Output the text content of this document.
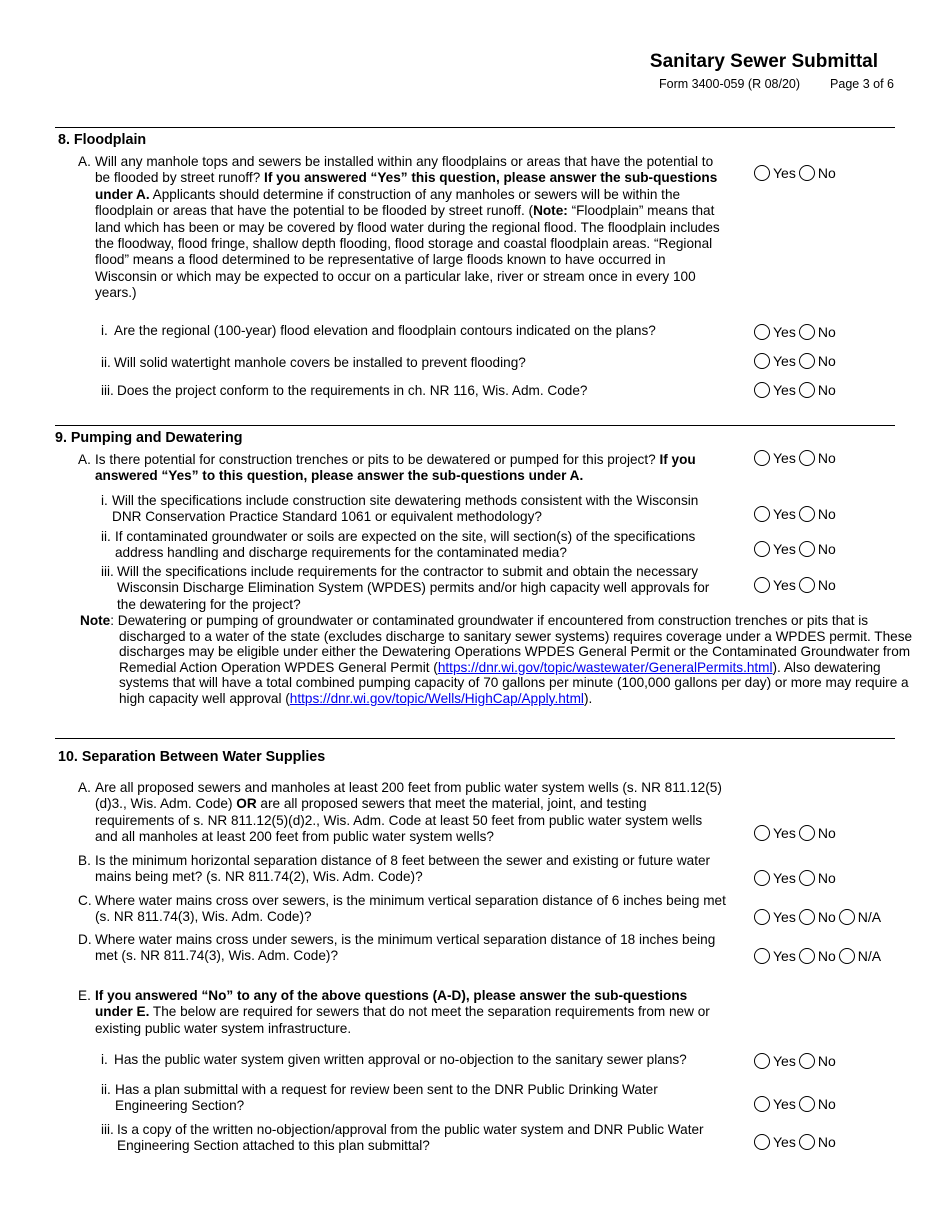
Sanitary Sewer Submittal
Form 3400-059 (R 08/20) Page 3 of 6
8. Floodplain
A. Will any manhole tops and sewers be installed within any floodplains or areas that have the potential to be flooded by street runoff? If you answered “Yes” this question, please answer the sub-questions under A. Applicants should determine if construction of any manholes or sewers will be within the floodplain or areas that have the potential to be flooded by street runoff. (Note: “Floodplain” means that land which has been or may be covered by flood water during the regional flood. The floodplain includes the floodway, flood fringe, shallow depth flooding, flood storage and coastal floodplain areas. “Regional flood” means a flood determined to be representative of large floods known to have occurred in Wisconsin or which may be expected to occur on a particular lake, river or stream once in every 100 years.)
Yes No
i. Are the regional (100-year) flood elevation and floodplain contours indicated on the plans?	Yes No
ii. Will solid watertight manhole covers be installed to prevent flooding?	Yes No
iii. Does the project conform to the requirements in ch. NR 116, Wis. Adm. Code?	Yes No
9. Pumping and Dewatering
A. Is there potential for construction trenches or pits to be dewatered or pumped for this project? If you answered “Yes” to this question, please answer the sub-questions under A.
Yes No
i. Will the specifications include construction site dewatering methods consistent with the Wisconsin DNR Conservation Practice Standard 1061 or equivalent methodology?	Yes No
ii. If contaminated groundwater or soils are expected on the site, will section(s) of the specifications address handling and discharge requirements for the contaminated media?	Yes No
iii. Will the specifications include requirements for the contractor to submit and obtain the necessary Wisconsin Discharge Elimination System (WPDES) permits and/or high capacity well approvals for the dewatering for the project?
Yes No
Note: Dewatering or pumping of groundwater or contaminated groundwater if encountered from construction trenches or pits that is discharged to a water of the state (excludes discharge to sanitary sewer systems) requires coverage under a WPDES permit. These discharges may be eligible under either the Dewatering Operations WPDES General Permit or the Contaminated Groundwater from Remedial Action Operation WPDES General Permit (https://dnr.wi.gov/topic/wastewater/GeneralPermits.html). Also dewatering systems that will have a total combined pumping capacity of 70 gallons per minute (100,000 gallons per day) or more may require a high capacity well approval (https://dnr.wi.gov/topic/Wells/HighCap/Apply.html).
10. Separation Between Water Supplies
A. Are all proposed sewers and manholes at least 200 feet from public water system wells (s. NR 811.12(5)(d)3., Wis. Adm. Code) OR are all proposed sewers that meet the material, joint, and testing requirements of s. NR 811.12(5)(d)2., Wis. Adm. Code at least 50 feet from public water system wells and all manholes at least 200 feet from public water system wells?	Yes No
B. Is the minimum horizontal separation distance of 8 feet between the sewer and existing or future water mains being met? (s. NR 811.74(2), Wis. Adm. Code)?	Yes No
C. Where water mains cross over sewers, is the minimum vertical separation distance of 6 inches being met (s. NR 811.74(3), Wis. Adm. Code)?	Yes No N/A
D. Where water mains cross under sewers, is the minimum vertical separation distance of 18 inches being met (s. NR 811.74(3), Wis. Adm. Code)?	Yes No N/A
E. If you answered “No” to any of the above questions (A-D), please answer the sub-questions under E. The below are required for sewers that do not meet the separation requirements from new or existing public water system infrastructure.
i. Has the public water system given written approval or no-objection to the sanitary sewer plans?	Yes No
ii. Has a plan submittal with a request for review been sent to the DNR Public Drinking Water Engineering Section?	Yes No
iii. Is a copy of the written no-objection/approval from the public water system and DNR Public Water Engineering Section attached to this plan submittal?	Yes No
